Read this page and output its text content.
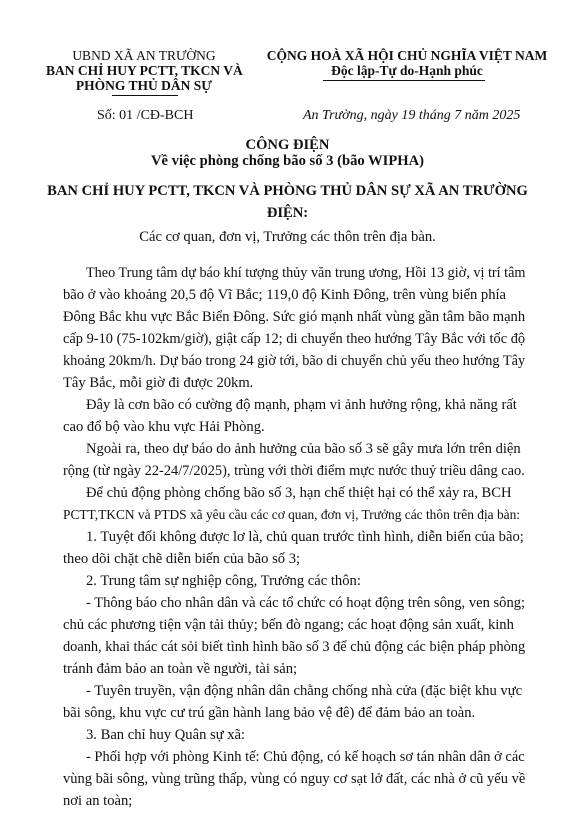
UBND XÃ AN TRƯỜNG
BAN CHỈ HUY PCTT, TKCN VÀ
PHÒNG THỦ DÂN SỰ
CỘNG HOÀ XÃ HỘI CHỦ NGHĨA VIỆT NAM
Độc lập-Tự do-Hạnh phúc
Số: 01 /CĐ-BCH	An Trường, ngày 19 tháng 7 năm 2025
CÔNG ĐIỆN
Về việc phòng chống bão số 3 (bão WIPHA)
BAN CHỈ HUY PCTT, TKCN VÀ PHÒNG THỦ DÂN SỰ XÃ AN TRƯỜNG
ĐIỆN:
Các cơ quan, đơn vị, Trưởng các thôn trên địa bàn.
Theo Trung tâm dự báo khí tượng thủy văn trung ương, Hồi 13 giờ, vị trí tâm
bão ở vào khoảng 20,5 độ Vĩ Bắc; 119,0 độ Kinh Đông, trên vùng biển phía
Đông Bắc khu vực Bắc Biển Đông. Sức gió mạnh nhất vùng gần tâm bão mạnh
cấp 9-10 (75-102km/giờ), giật cấp 12; di chuyển theo hướng Tây Bắc với tốc độ
khoảng 20km/h. Dự báo trong 24 giờ tới, bão di chuyển chủ yếu theo hướng Tây
Tây Bắc, mỗi giờ đi được 20km.
Đây là cơn bão có cường độ mạnh, phạm vi ảnh hưởng rộng, khả năng rất
cao đổ bộ vào khu vực Hải Phòng.
Ngoài ra, theo dự báo do ảnh hưởng của bão số 3 sẽ gây mưa lớn trên diện
rộng (từ ngày 22-24/7/2025), trùng với thời điểm mực nước thuỷ triều dâng cao.
Để chủ động phòng chống bão số 3, hạn chế thiệt hại có thể xảy ra, BCH
PCTT,TKCN và PTDS xã yêu cầu các cơ quan, đơn vị, Trưởng các thôn trên địa bàn:
1. Tuyệt đối không được lơ là, chủ quan trước tình hình, diễn biến của bão;
theo dõi chặt chẽ diễn biến của bão số 3;
2. Trung tâm sự nghiệp công, Trưởng các thôn:
- Thông báo cho nhân dân và các tổ chức có hoạt động trên sông, ven sông;
chủ các phương tiện vận tải thủy; bến đò ngang; các hoạt động sản xuất, kinh
doanh, khai thác cát sỏi biết tình hình bão số 3 để chủ động các biện pháp phòng
tránh đảm bảo an toàn về người, tài sản;
- Tuyên truyền, vận động nhân dân chằng chống nhà cửa (đặc biệt khu vực
bãi sông, khu vực cư trú gần hành lang bảo vệ đê) để đảm bảo an toàn.
3. Ban chỉ huy Quân sự xã:
- Phối hợp với phòng Kinh tế: Chủ động, có kế hoạch sơ tán nhân dân ở các
vùng bãi sông, vùng trũng thấp, vùng có nguy cơ sạt lở đất, các nhà ở cũ yếu về
nơi an toàn;
